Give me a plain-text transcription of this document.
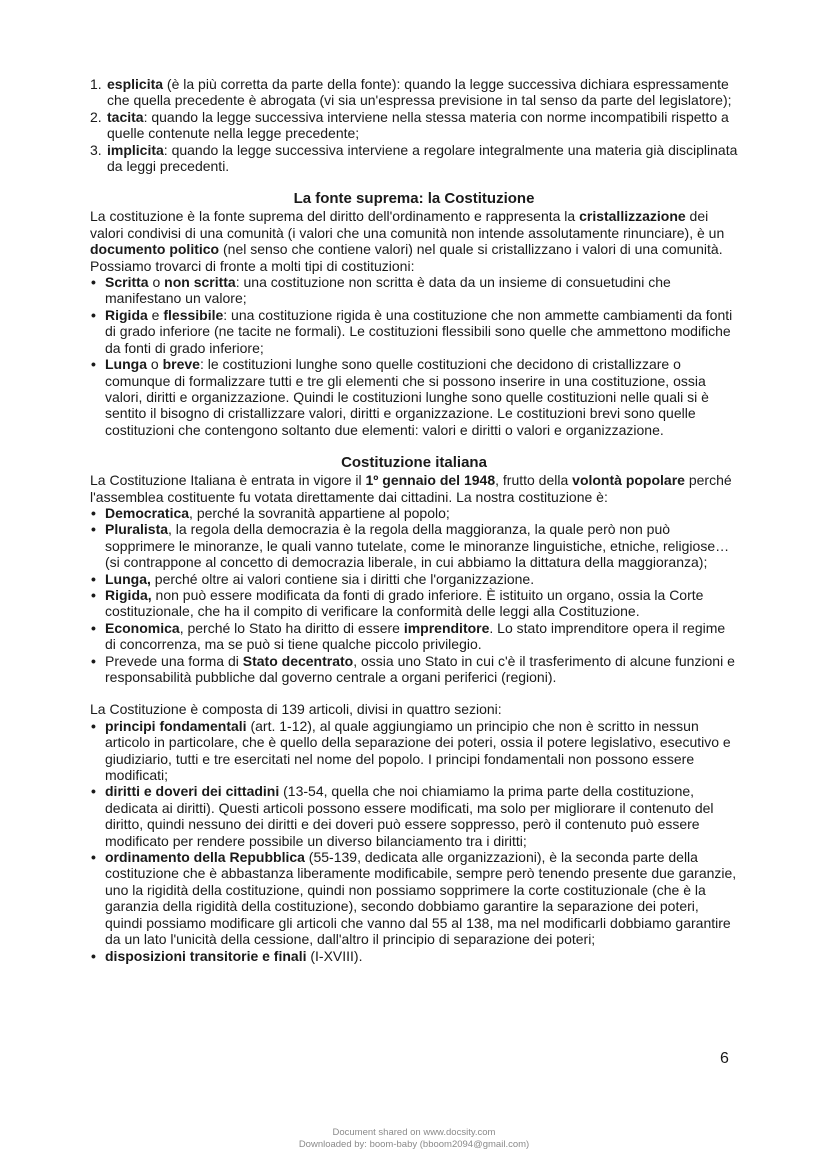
1. esplicita (è la più corretta da parte della fonte): quando la legge successiva dichiara espressamente che quella precedente è abrogata (vi sia un'espressa previsione in tal senso da parte del legislatore);
2. tacita: quando la legge successiva interviene nella stessa materia con norme incompatibili rispetto a quelle contenute nella legge precedente;
3. implicita: quando la legge successiva interviene a regolare integralmente una materia già disciplinata da leggi precedenti.
La fonte suprema: la Costituzione

La costituzione è la fonte suprema del diritto dell'ordinamento e rappresenta la cristallizzazione dei valori condivisi di una comunità (i valori che una comunità non intende assolutamente rinunciare), è un documento politico (nel senso che contiene valori) nel quale si cristallizzano i valori di una comunità. Possiamo trovarci di fronte a molti tipi di costituzioni:

• Scritta o non scritta: una costituzione non scritta è data da un insieme di consuetudini che manifestano un valore;
• Rigida e flessibile: una costituzione rigida è una costituzione che non ammette cambiamenti da fonti di grado inferiore (ne tacite ne formali). Le costituzioni flessibili sono quelle che ammettono modifiche da fonti di grado inferiore;
• Lunga o breve: le costituzioni lunghe sono quelle costituzioni che decidono di cristallizzare o comunque di formalizzare tutti e tre gli elementi che si possono inserire in una costituzione, ossia valori, diritti e organizzazione. Quindi le costituzioni lunghe sono quelle costituzioni nelle quali si è sentito il bisogno di cristallizzare valori, diritti e organizzazione. Le costituzioni brevi sono quelle costituzioni che contengono soltanto due elementi: valori e diritti o valori e organizzazione.
Costituzione italiana

La Costituzione Italiana è entrata in vigore il 1º gennaio del 1948, frutto della volontà popolare perché l'assemblea costituente fu votata direttamente dai cittadini. La nostra costituzione è:

• Democratica, perché la sovranità appartiene al popolo;
• Pluralista, la regola della democrazia è la regola della maggioranza, la quale però non può sopprimere le minoranze, le quali vanno tutelate, come le minoranze linguistiche, etniche, religiose… (si contrappone al concetto di democrazia liberale, in cui abbiamo la dittatura della maggioranza);
• Lunga, perché oltre ai valori contiene sia i diritti che l'organizzazione.
• Rigida, non può essere modificata da fonti di grado inferiore. È istituito un organo, ossia la Corte costituzionale, che ha il compito di verificare la conformità delle leggi alla Costituzione.
• Economica, perché lo Stato ha diritto di essere imprenditore. Lo stato imprenditore opera il regime di concorrenza, ma se può si tiene qualche piccolo privilegio.
• Prevede una forma di Stato decentrato, ossia uno Stato in cui c'è il trasferimento di alcune funzioni e responsabilità pubbliche dal governo centrale a organi periferici (regioni).

La Costituzione è composta di 139 articoli, divisi in quattro sezioni:

• principi fondamentali (art. 1-12), al quale aggiungiamo un principio che non è scritto in nessun articolo in particolare, che è quello della separazione dei poteri, ossia il potere legislativo, esecutivo e giudiziario, tutti e tre esercitati nel nome del popolo. I principi fondamentali non possono essere modificati;
• diritti e doveri dei cittadini (13-54, quella che noi chiamiamo la prima parte della costituzione, dedicata ai diritti). Questi articoli possono essere modificati, ma solo per migliorare il contenuto del diritto, quindi nessuno dei diritti e dei doveri può essere soppresso, però il contenuto può essere modificato per rendere possibile un diverso bilanciamento tra i diritti;
• ordinamento della Repubblica (55-139, dedicata alle organizzazioni), è la seconda parte della costituzione che è abbastanza liberamente modificabile, sempre però tenendo presente due garanzie, uno la rigidità della costituzione, quindi non possiamo sopprimere la corte costituzionale (che è la garanzia della rigidità della costituzione), secondo dobbiamo garantire la separazione dei poteri, quindi possiamo modificare gli articoli che vanno dal 55 al 138, ma nel modificarli dobbiamo garantire da un lato l'unicità della cessione, dall'altro il principio di separazione dei poteri;
• disposizioni transitorie e finali (I-XVIII).
6
Document shared on www.docsity.com
Downloaded by: boom-baby (bboom2094@gmail.com)
